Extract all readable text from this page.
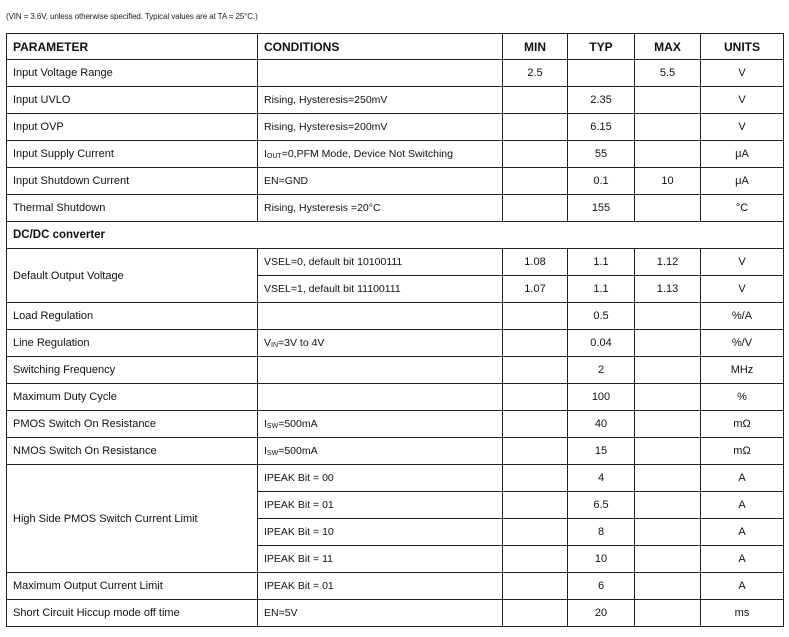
(VIN = 3.6V, unless otherwise specified. Typical values are at TA = 25°C.)
PARAMETER	CONDITIONS	MIN	TYP	MAX	UNITS
Input Voltage Range		2.5		5.5	V
Input UVLO	Rising, Hysteresis=250mV		2.35		V
Input OVP	Rising, Hysteresis=200mV		6.15		V
Input Supply Current	$I_{OUT}=0,PFM$ Mode, Device Not Switching		55		μA
Input Shutdown Current	EN=GND		0.1	10	μA
Thermal Shutdown	Rising, Hysteresis =20°C		155		°C
DC/DC converter					
Default Output Voltage	VSEL=0, default bit 10100111	1.08	1.1	1.12	V
	VSEL=1, default bit 11100111	1.07	1.1	1.13	V
Load Regulation			0.5		%/A
Line Regulation	$V_{IN}=3V$ to 4V		0.04		%/V
Switching Frequency			2		MHz
Maximum Duty Cycle			100		%
PMOS Switch On Resistance	$I_{SW}=500mA$		40		mΩ
NMOS Switch On Resistance	$I_{SW}=500mA$		15		mΩ
High Side PMOS Switch Current Limit	IPEAK Bit = 00		4		A
	IPEAK Bit = 01		6.5		A
	IPEAK Bit = 10		8		A
	IPEAK Bit = 11		10		A
Maximum Output Current Limit	IPEAK Bit = 01		6		A
Short Circuit Hiccup mode off time	EN=5V		20		ms
